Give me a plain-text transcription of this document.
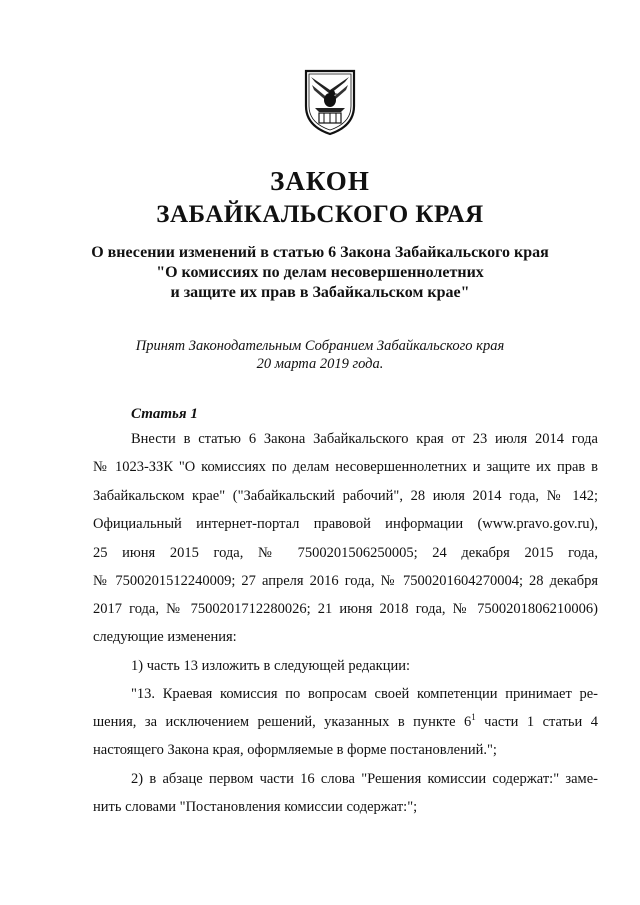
ЗАКОН
ЗАБАЙКАЛЬСКОГО КРАЯ
О внесении изменений в статью 6 Закона Забайкальского края
"О комиссиях по делам несовершеннолетних
и защите их прав в Забайкальском крае"
Принят Законодательным Собранием Забайкальского края
20 марта 2019 года.
Статья 1
Внести в статью 6 Закона Забайкальского края от 23 июля 2014 года
№ 1023-ЗЗК "О комиссиях по делам несовершеннолетних и защите их прав в
Забайкальском крае" ("Забайкальский рабочий", 28 июля 2014 года, № 142;
Официальный интернет-портал правовой информации (www.pravo.gov.ru),
25 июня 2015 года, № 7500201506250005; 24 декабря 2015 года,
№ 7500201512240009; 27 апреля 2016 года, № 7500201604270004; 28 декабря
2017 года, № 7500201712280026; 21 июня 2018 года, № 7500201806210006)
следующие изменения:
1) часть 13 изложить в следующей редакции:
"13. Краевая комиссия по вопросам своей компетенции принимает ре-
шения, за исключением решений, указанных в пункте $6^1$ части 1 статьи 4
настоящего Закона края, оформляемые в форме постановлений.";
2) в абзаце первом части 16 слова "Решения комиссии содержат:" заме-
нить словами "Постановления комиссии содержат:";
